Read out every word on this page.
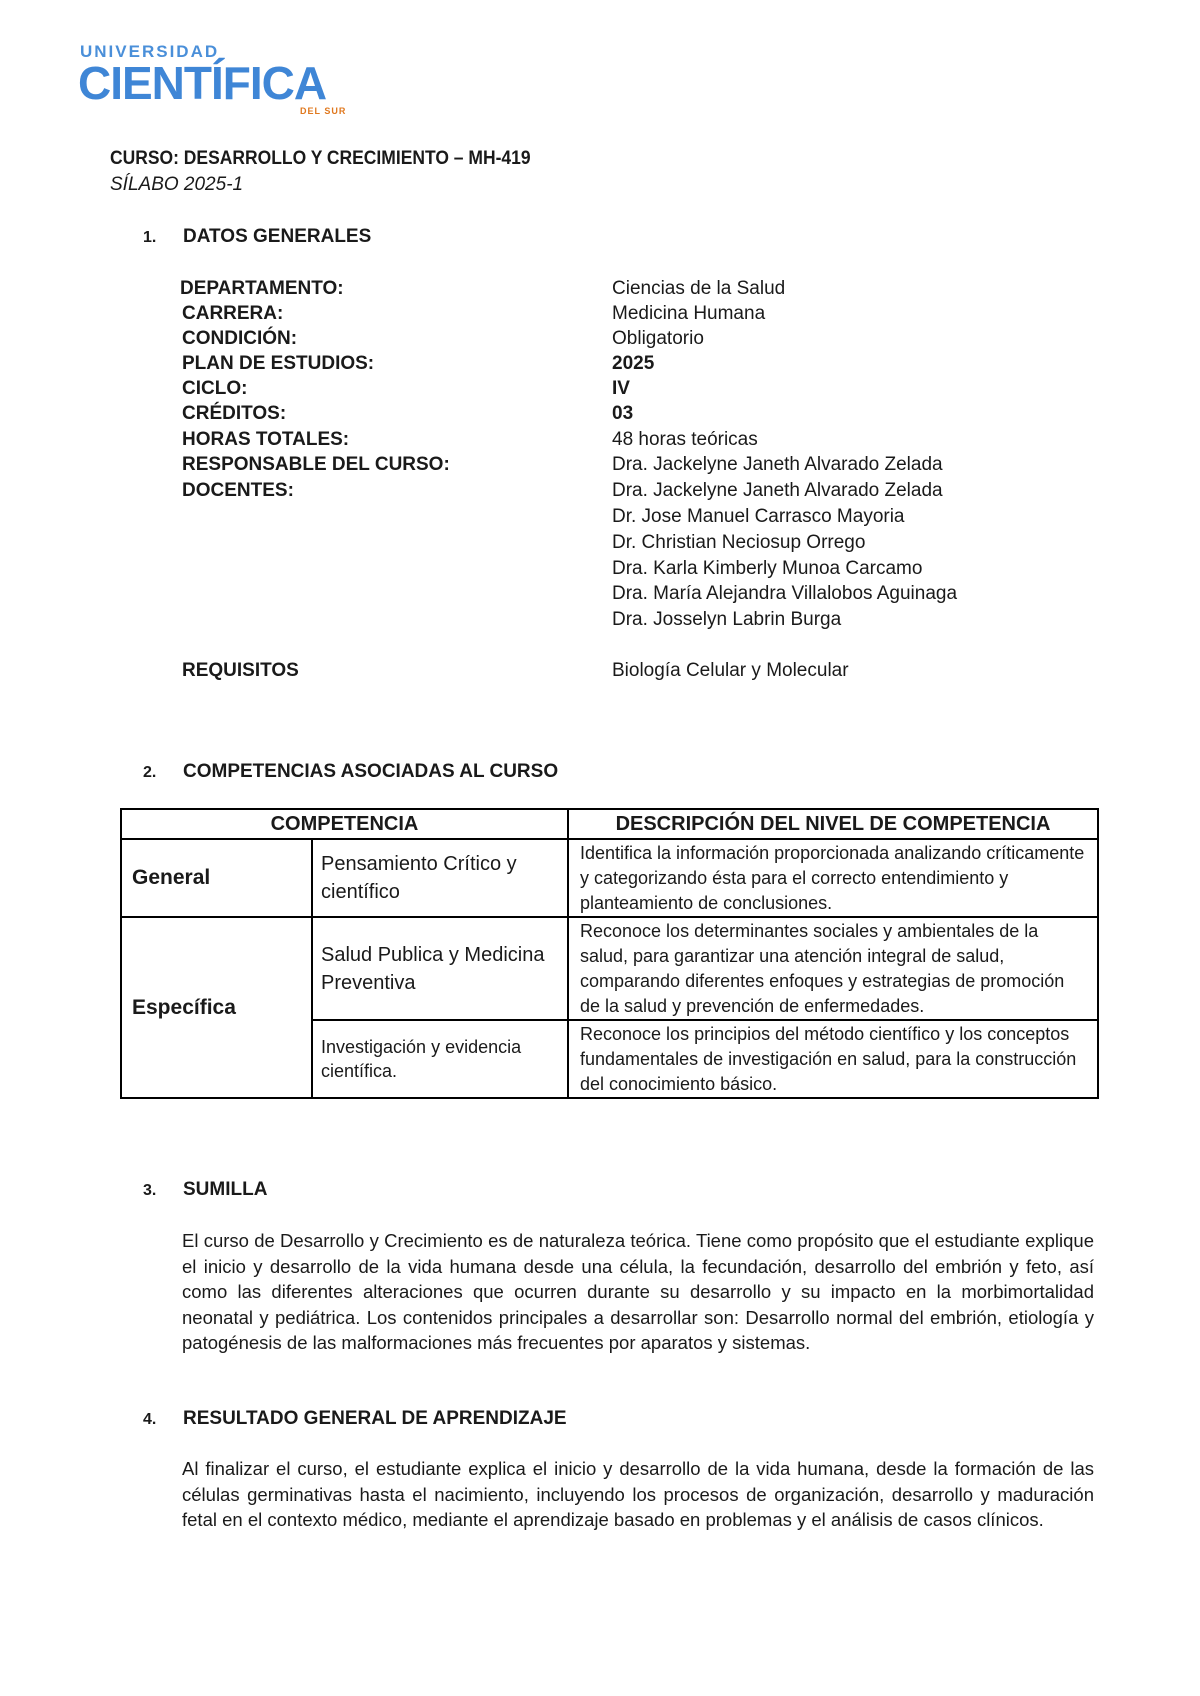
UNIVERSIDAD
CIENTÍFICA
DEL SUR
CURSO: DESARROLLO Y CRECIMIENTO – MH-419
SÍLABO 2025-1
1. DATOS GENERALES
DEPARTAMENTO:	Ciencias de la Salud
CARRERA:	Medicina Humana
CONDICIÓN:	Obligatorio
PLAN DE ESTUDIOS:	2025
CICLO:	IV
CRÉDITOS:	03
HORAS TOTALES:	48 horas teóricas
RESPONSABLE DEL CURSO:	Dra. Jackelyne Janeth Alvarado Zelada
DOCENTES:	Dra. Jackelyne Janeth Alvarado Zelada
Dr. Jose Manuel Carrasco Mayoria
Dr. Christian Neciosup Orrego
Dra. Karla Kimberly Munoa Carcamo
Dra. María Alejandra Villalobos Aguinaga
Dra. Josselyn Labrin Burga
REQUISITOS	Biología Celular y Molecular
2. COMPETENCIAS ASOCIADAS AL CURSO
COMPETENCIA		DESCRIPCIÓN DEL NIVEL DE COMPETENCIA
General	Pensamiento Crítico y científico	Identifica la información proporcionada analizando críticamente y categorizando ésta para el correcto entendimiento y planteamiento de conclusiones.
Específica	Salud Publica y Medicina Preventiva	Reconoce los determinantes sociales y ambientales de la salud, para garantizar una atención integral de salud, comparando diferentes enfoques y estrategias de promoción de la salud y prevención de enfermedades.
	Investigación y evidencia científica.	Reconoce los principios del método científico y los conceptos fundamentales de investigación en salud, para la construcción del conocimiento básico.
3. SUMILLA
El curso de Desarrollo y Crecimiento es de naturaleza teórica. Tiene como propósito que el estudiante explique el inicio y desarrollo de la vida humana desde una célula, la fecundación, desarrollo del embrión y feto, así como las diferentes alteraciones que ocurren durante su desarrollo y su impacto en la morbimortalidad neonatal y pediátrica. Los contenidos principales a desarrollar son: Desarrollo normal del embrión, etiología y patogénesis de las malformaciones más frecuentes por aparatos y sistemas.
4. RESULTADO GENERAL DE APRENDIZAJE
Al finalizar el curso, el estudiante explica el inicio y desarrollo de la vida humana, desde la formación de las células germinativas hasta el nacimiento, incluyendo los procesos de organización, desarrollo y maduración fetal en el contexto médico, mediante el aprendizaje basado en problemas y el análisis de casos clínicos.
